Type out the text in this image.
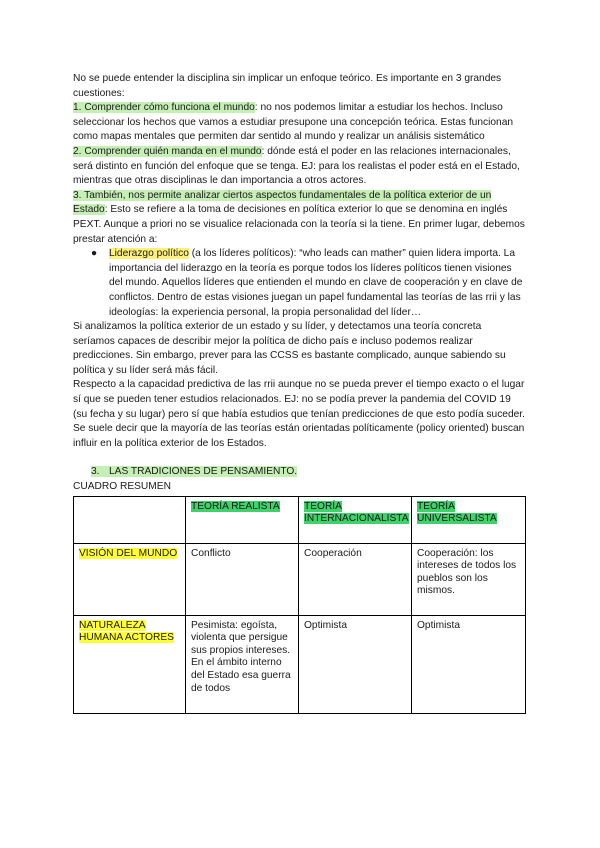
No se puede entender la disciplina sin implicar un enfoque teórico. Es importante en 3 grandes cuestiones:

1. Comprender cómo funciona el mundo: no nos podemos limitar a estudiar los hechos. Incluso seleccionar los hechos que vamos a estudiar presupone una concepción teórica. Estas funcionan como mapas mentales que permiten dar sentido al mundo y realizar un análisis sistemático

2. Comprender quién manda en el mundo: dónde está el poder en las relaciones internacionales, será distinto en función del enfoque que se tenga. EJ: para los realistas el poder está en el Estado, mientras que otras disciplinas le dan importancia a otros actores.

3. También, nos permite analizar ciertos aspectos fundamentales de la política exterior de un Estado: Esto se refiere a la toma de decisiones en política exterior lo que se denomina en inglés PEXT. Aunque a priori no se visualice relacionada con la teoría si la tiene. En primer lugar, debemos prestar atención a:

● Liderazgo político (a los líderes políticos): “who leads can mather” quien lidera importa. La importancia del liderazgo en la teoría es porque todos los líderes políticos tienen visiones del mundo. Aquellos líderes que entienden el mundo en clave de cooperación y en clave de conflictos. Dentro de estas visiones juegan un papel fundamental las teorías de las rrii y las ideologías: la experiencia personal, la propia personalidad del líder…

Si analizamos la política exterior de un estado y su líder, y detectamos una teoría concreta seríamos capaces de describir mejor la política de dicho país e incluso podemos realizar predicciones. Sin embargo, prever para las CCSS es bastante complicado, aunque sabiendo su política y su líder será más fácil.

Respecto a la capacidad predictiva de las rrii aunque no se pueda prever el tiempo exacto o el lugar sí que se pueden tener estudios relacionados. EJ: no se podía prever la pandemia del COVID 19 (su fecha y su lugar) pero sí que había estudios que tenían predicciones de que esto podía suceder.

Se suele decir que la mayoría de las teorías están orientadas políticamente (policy oriented) buscan influir en la política exterior de los Estados.

3. LAS TRADICIONES DE PENSAMIENTO.

CUADRO RESUMEN

	TEORÍA REALISTA	TEORÍA INTERNACIONALISTA	TEORÍA UNIVERSALISTA
VISIÓN DEL MUNDO	Conflicto	Cooperación	Cooperación: los intereses de todos los pueblos son los mismos.
NATURALEZA HUMANA ACTORES	Pesimista: egoísta, violenta que persigue sus propios intereses. En el ámbito interno del Estado esa guerra de todos	Optimista	Optimista
